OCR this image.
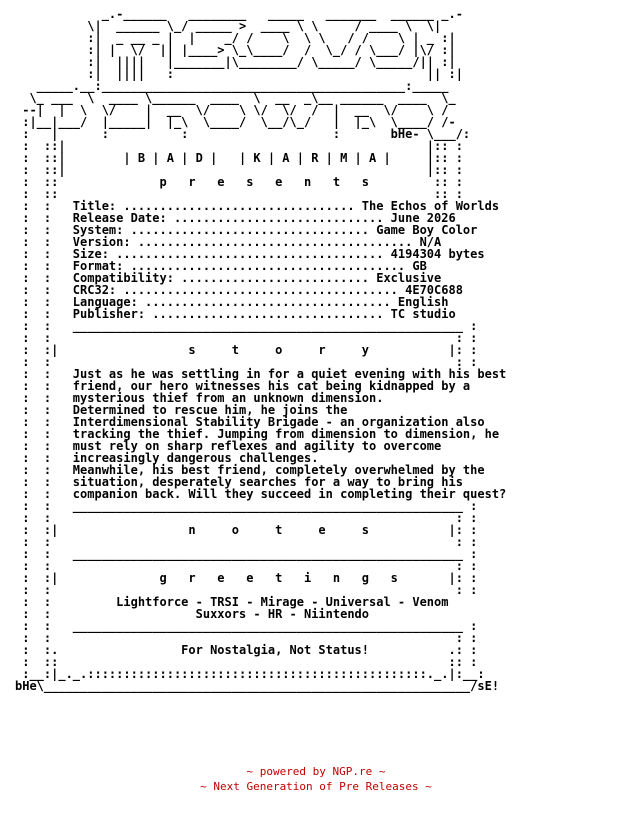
_.-______   ________   _____   _______  ______ _.-
\|  ______ \_/ _____ >  ____ \ \     / ____ \  \|
:|  _ __ _ |  |    _/ /    \  \ \   / /    \ | _ :|
:| |  \/  || |____> \_\____/  /  \_/ / \___/ |\/ :|
:|  ||||   |_______|\________/ \_____/ \_____/|| :|
:|  ||||   :                                   || :|
_____.__:__________________________________________:_____
\_ ___  \  ____ \______  ____  \  __  _\__ ______  ____  \_
--|  |  \  \/    |  __  \/    \ \/  \/  /  |  __  \/    \ /
:|__|___/  |_____|  |_\  \____/  \__/\_/   |  |_\  \____/ /-
:   |      :          :                    :       bHe- \___/:
:  ::|                                                  |:: :
:  ::|        | B | A | D |   | K | A | R | M | A |     |:: :
:  ::|                                                  |:: :
:  ::              p   r   e   s   e   n   t   s         :: :
:  ::                                                    :: :
:  :   Title: ................................ The Echos of Worlds
:  :   Release Date: ............................. June 2026
:  :   System: ................................. Game Boy Color
:  :   Version: ...................................... N/A
:  :   Size: ..................................... 4194304 bytes
:  :   Format: ...................................... GB
:  :   Compatibility: .......................... Exclusive
:  :   CRC32: ...................................... 4E70C688
:  :   Language: .................................. English
:  :   Publisher: ................................ TC studio
:  :   ______________________________________________________ :
:  :                                                        : :
:  :|                  s     t     o     r     y           |: :
:  :                                                        : :
:  :   Just as he was settling in for a quiet evening with his best
:  :   friend, our hero witnesses his cat being kidnapped by a
:  :   mysterious thief from an unknown dimension.
:  :   Determined to rescue him, he joins the
:  :   Interdimensional Stability Brigade - an organization also
:  :   tracking the thief. Jumping from dimension to dimension, he
:  :   must rely on sharp reflexes and agility to overcome
:  :   increasingly dangerous challenges.
:  :   Meanwhile, his best friend, completely overwhelmed by the
:  :   situation, desperately searches for a way to bring his
:  :   companion back. Will they succeed in completing their quest?
:  :   ______________________________________________________ :
:  :                                                        : :
:  :|                  n     o     t     e     s           |: :
:  :                                                        : :
:  :   ______________________________________________________ :
:  :                                                        : :
:  :|              g   r   e   e   t   i   n   g   s       |: :
:  :                                                        : :
:  :         Lightforce - TRSI - Mirage - Universal - Venom
:  :                    Suxxors - HR - Niintendo
:  :   ______________________________________________________ :
:  :                                                        : :
:  :.                 For Nostalgia, Not Status!           .: :
:  ::                                                      :: :
:__:|_._.:::::::::::::::::::::::::::::::::::::::::::::::._.|:__:
bHe\___________________________________________________________/sE!
~ powered by NGP.re ~
~ Next Generation of Pre Releases ~
